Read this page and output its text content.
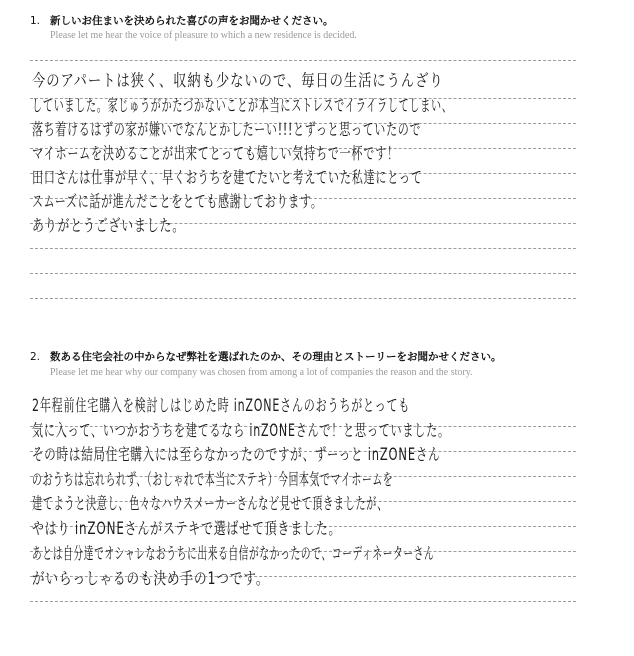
1. 新しいお住まいを決められた喜びの声をお聞かせください。
Please let me hear the voice of pleasure to which a new residence is decided.
今のアパートは狭く、収納も少ないので、毎日の生活にうんざり
していました。家じゅうがかたづかないことが本当にストレスでイライラしてしまい、
落ち着けるはずの家が嫌いでなんとかしたーい!!!とずっと思っていたので
マイホームを決めることが出来てとっても嬉しい気持ちで一杯です！
田口さんは仕事が早く、早くおうちを建てたいと考えていた私達にとって
スムーズに話が進んだことをとても感謝しております。
ありがとうございました。
2. 数ある住宅会社の中からなぜ弊社を選ばれたのか、その理由とストーリーをお聞かせください。
Please let me hear why our company was chosen from among a lot of companies the reason and the story.
2年程前住宅購入を検討しはじめた時 inZONEさんのおうちがとっても
気に入って、いつかおうちを建てるなら inZONEさんで！と思っていました。
その時は結局住宅購入には至らなかったのですが、ずーっと inZONEさん
のおうちは忘れられず、（おしゃれで本当にステキ）今回本気でマイホームを
建てようと決意し、色々なハウスメーカーさんなど見せて頂きましたが、
やはり inZONEさんがステキで選ばせて頂きました。
あとは自分達でオシャレなおうちに出来る自信がなかったので、コーディネーターさん
がいらっしゃるのも決め手の1つです。
